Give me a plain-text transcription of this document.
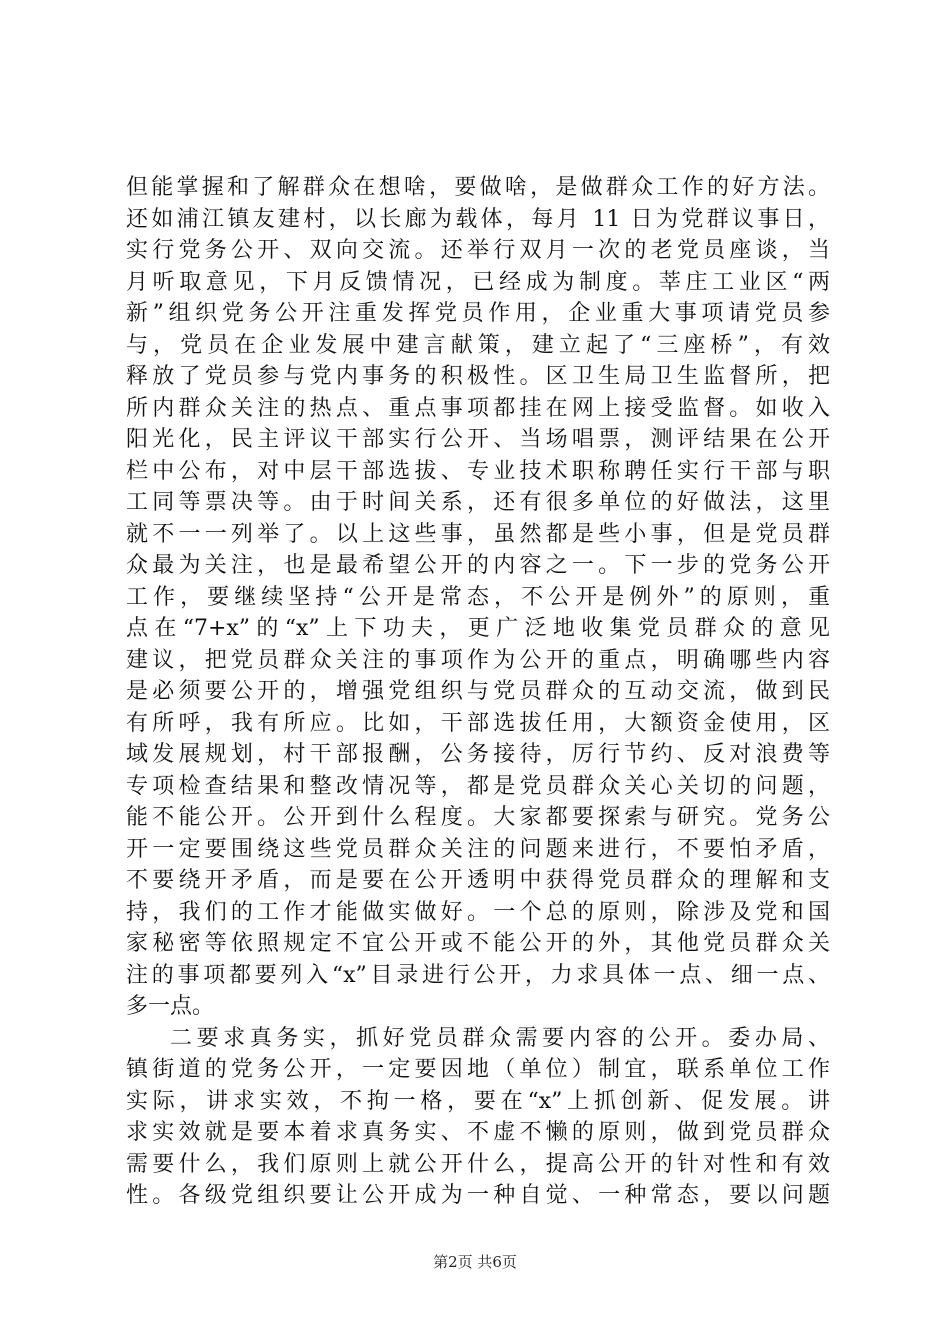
但能掌握和了解群众在想啥，要做啥，是做群众工作的好方法。
还如浦江镇友建村，以长廊为载体，每月 11 日为党群议事日，
实行党务公开、双向交流。还举行双月一次的老党员座谈，当
月听取意见，下月反馈情况，已经成为制度。莘庄工业区“两
新”组织党务公开注重发挥党员作用，企业重大事项请党员参
与，党员在企业发展中建言献策，建立起了“三座桥”，有效
释放了党员参与党内事务的积极性。区卫生局卫生监督所，把
所内群众关注的热点、重点事项都挂在网上接受监督。如收入
阳光化，民主评议干部实行公开、当场唱票，测评结果在公开
栏中公布，对中层干部选拔、专业技术职称聘任实行干部与职
工同等票决等。由于时间关系，还有很多单位的好做法，这里
就不一一列举了。以上这些事，虽然都是些小事，但是党员群
众最为关注，也是最希望公开的内容之一。下一步的党务公开
工作，要继续坚持“公开是常态，不公开是例外”的原则，重
点在“7+x”的“x”上下功夫，更广泛地收集党员群众的意见
建议，把党员群众关注的事项作为公开的重点，明确哪些内容
是必须要公开的，增强党组织与党员群众的互动交流，做到民
有所呼，我有所应。比如，干部选拔任用，大额资金使用，区
域发展规划，村干部报酬，公务接待，厉行节约、反对浪费等
专项检查结果和整改情况等，都是党员群众关心关切的问题，
能不能公开。公开到什么程度。大家都要探索与研究。党务公
开一定要围绕这些党员群众关注的问题来进行，不要怕矛盾，
不要绕开矛盾，而是要在公开透明中获得党员群众的理解和支
持，我们的工作才能做实做好。一个总的原则，除涉及党和国
家秘密等依照规定不宜公开或不能公开的外，其他党员群众关
注的事项都要列入“x”目录进行公开，力求具体一点、细一点、
多一点。
二要求真务实，抓好党员群众需要内容的公开。委办局、
镇街道的党务公开，一定要因地（单位）制宜，联系单位工作
实际，讲求实效，不拘一格，要在“x”上抓创新、促发展。讲
求实效就是要本着求真务实、不虚不懒的原则，做到党员群众
需要什么，我们原则上就公开什么，提高公开的针对性和有效
性。各级党组织要让公开成为一种自觉、一种常态，要以问题
第2页 共6页
